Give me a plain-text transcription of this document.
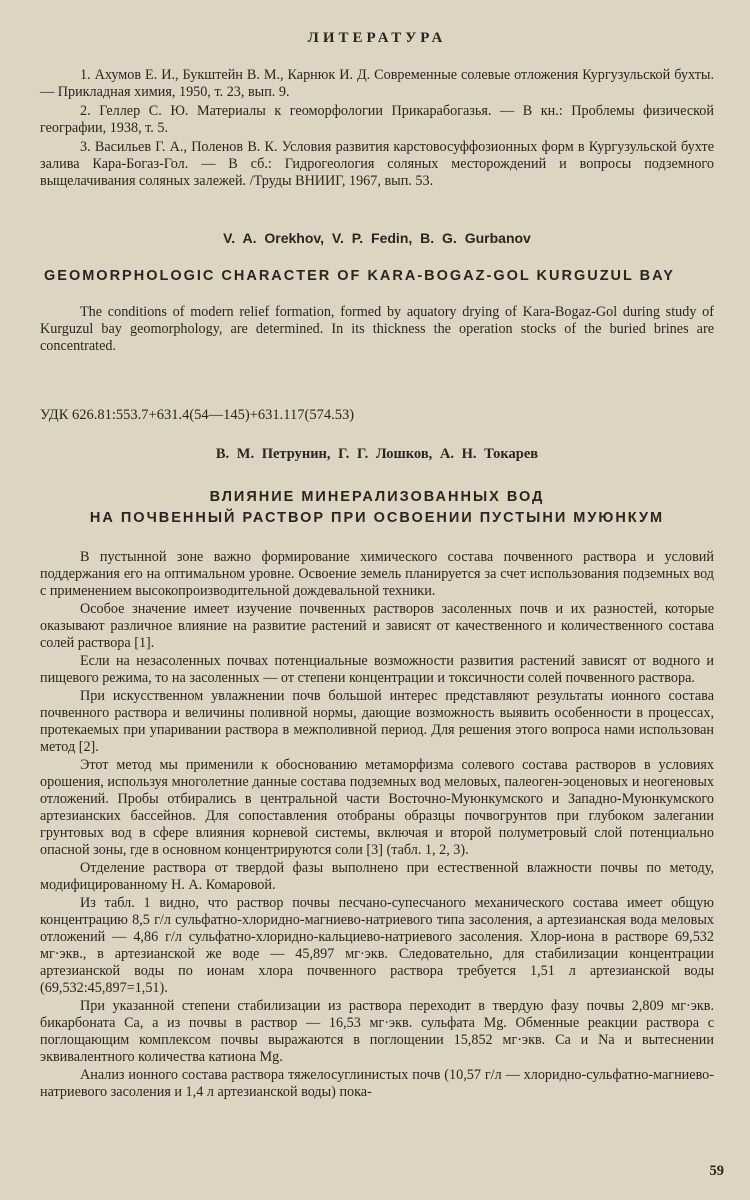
ЛИТЕРАТУРА

1. Ахумов Е. И., Букштейн В. М., Карнюк И. Д. Современные солевые отложения Кургузульской бухты. — Прикладная химия, 1950, т. 23, вып. 9.

2. Геллер С. Ю. Материалы к геоморфологии Прикарабогазья. — В кн.: Проблемы физической географии, 1938, т. 5.

3. Васильев Г. А., Поленов В. К. Условия развития карстовосуффозионных форм в Кургузульской бухте залива Кара-Богаз-Гол. — В сб.: Гидрогеология соляных месторождений и вопросы подземного выщелачивания соляных залежей. /Труды ВНИИГ, 1967, вып. 53.

V. A. Orekhov, V. P. Fedin, B. G. Gurbanov
GEOMORPHOLOGIC CHARACTER OF KARA-BOGAZ-GOL KURGUZUL BAY

The conditions of modern relief formation, formed by aquatory drying of Kara-Bogaz-Gol during study of Kurguzul bay geomorphology, are determined. In its thickness the operation stocks of the buried brines are concentrated.

УДК 626.81:553.7+631.4(54—145)+631.117(574.53)
В. М. Петрунин, Г. Г. Лошков, А. Н. Токарев
ВЛИЯНИЕ МИНЕРАЛИЗОВАННЫХ ВОД
НА ПОЧВЕННЫЙ РАСТВОР ПРИ ОСВОЕНИИ ПУСТЫНИ МУЮНКУМ

В пустынной зоне важно формирование химического состава почвенного раствора и условий поддержания его на оптимальном уровне. Освоение земель планируется за счет использования подземных вод с применением высокопроизводительной дождевальной техники.

Особое значение имеет изучение почвенных растворов засоленных почв и их разностей, которые оказывают различное влияние на развитие растений и зависят от качественного и количественного состава солей раствора [1].

Если на незасоленных почвах потенциальные возможности развития растений зависят от водного и пищевого режима, то на засоленных — от степени концентрации и токсичности солей почвенного раствора.

При искусственном увлажнении почв большой интерес представляют результаты ионного состава почвенного раствора и величины поливной нормы, дающие возможность выявить особенности в процессах, протекаемых при упаривании раствора в межполивной период. Для решения этого вопроса нами использован метод [2].

Этот метод мы применили к обоснованию метаморфизма солевого состава растворов в условиях орошения, используя многолетние данные состава подземных вод меловых, палеоген-эоценовых и неогеновых отложений. Пробы отбирались в центральной части Восточно-Муюнкумского и Западно-Муюнкумского артезианских бассейнов. Для сопоставления отобраны образцы почвогрунтов при глубоком залегании грунтовых вод в сфере влияния корневой системы, включая и второй полуметровый слой потенциально опасной зоны, где в основном концентрируются соли [3] (табл. 1, 2, 3).

Отделение раствора от твердой фазы выполнено при естественной влажности почвы по методу, модифицированному Н. А. Комаровой.

Из табл. 1 видно, что раствор почвы песчано-супесчаного механического состава имеет общую концентрацию 8,5 г/л сульфатно-хлоридно-магниево-натриевого типа засоления, а артезианская вода меловых отложений — 4,86 г/л сульфатно-хлоридно-кальциево-натриевого засоления. Хлор-иона в растворе 69,532 мг·экв., в артезианской же воде — 45,897 мг·экв. Следовательно, для стабилизации концентрации артезианской воды по ионам хлора почвенного раствора требуется 1,51 л артезианской воды (69,532:45,897=1,51).

При указанной степени стабилизации из раствора переходит в твердую фазу почвы 2,809 мг·экв. бикарбоната Ca, а из почвы в раствор — 16,53 мг·экв. сульфата Mg. Обменные реакции раствора с поглощающим комплексом почвы выражаются в поглощении 15,852 мг·экв. Ca и Na и вытеснении эквивалентного количества катиона Mg.

Анализ ионного состава раствора тяжелосуглинистых почв (10,57 г/л — хлоридно-сульфатно-магниево-натриевого засоления и 1,4 л артезианской воды) пока-

59
